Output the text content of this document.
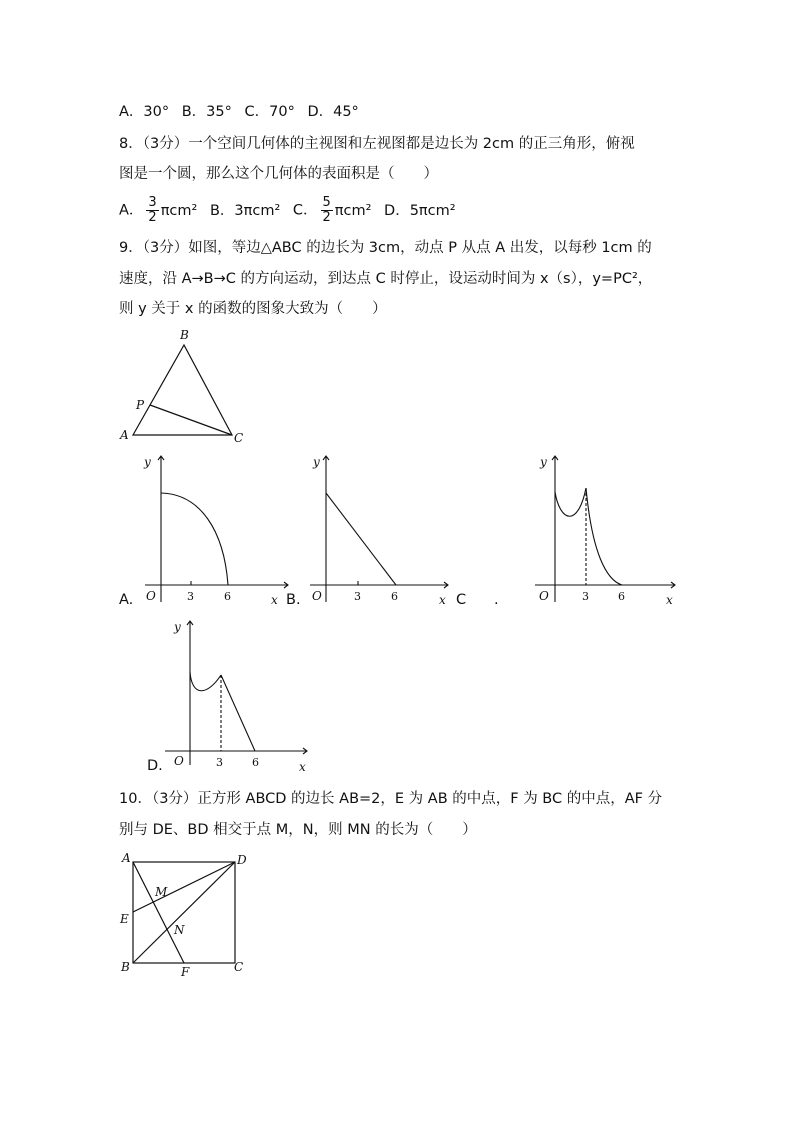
A．30° B．35° C．70° D．45°
8．（3分）一个空间几何体的主视图和左视图都是边长为 2cm 的正三角形，俯视
图是一个圆，那么这个几何体的表面积是（　　）
A． $\frac{3}{2} \pi cm^2$ B．3πcm² C． $\frac{5}{2} \pi cm^2$ D．5πcm²
9．（3分）如图，等边△ABC 的边长为 3cm，动点 P 从点 A 出发，以每秒 1cm 的
速度，沿 A→B→C 的方向运动，到达点 C 时停止，设运动时间为 x（s），y=PC²，
则 y 关于 x 的函数的图象大致为（　　）
B
P
A	C
y
O	3	6	x
A.
y
O	3	6	x
B.
y
O	3	6	x
C .
y
O	3	6	x
D.
10．（3分）正方形 ABCD 的边长 AB=2，E 为 AB 的中点，F 为 BC 的中点，AF 分
别与 DE、BD 相交于点 M，N，则 MN 的长为（　　）
A	D
M
E
N
B	F	C
